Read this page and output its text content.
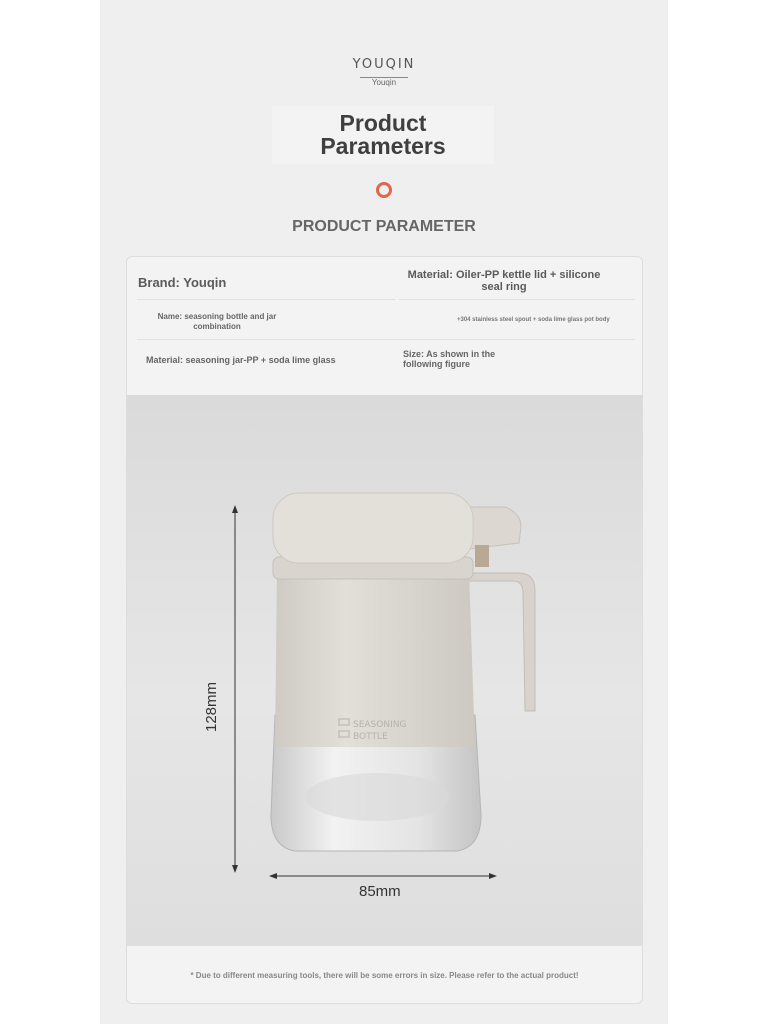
YOUQIN
Youqin
Product
Parameters
PRODUCT PARAMETER
Brand: Youqin	Material: Oiler-PP kettle lid + silicone seal ring
Name: seasoning bottle and jar combination
+304 stainless steel spout + soda lime glass pot body
Material: seasoning jar-PP + soda lime glass
Size: As shown in the following figure
SEASONING
BOTTLE
128mm
85mm
* Due to different measuring tools, there will be some errors in size. Please refer to the actual product!
